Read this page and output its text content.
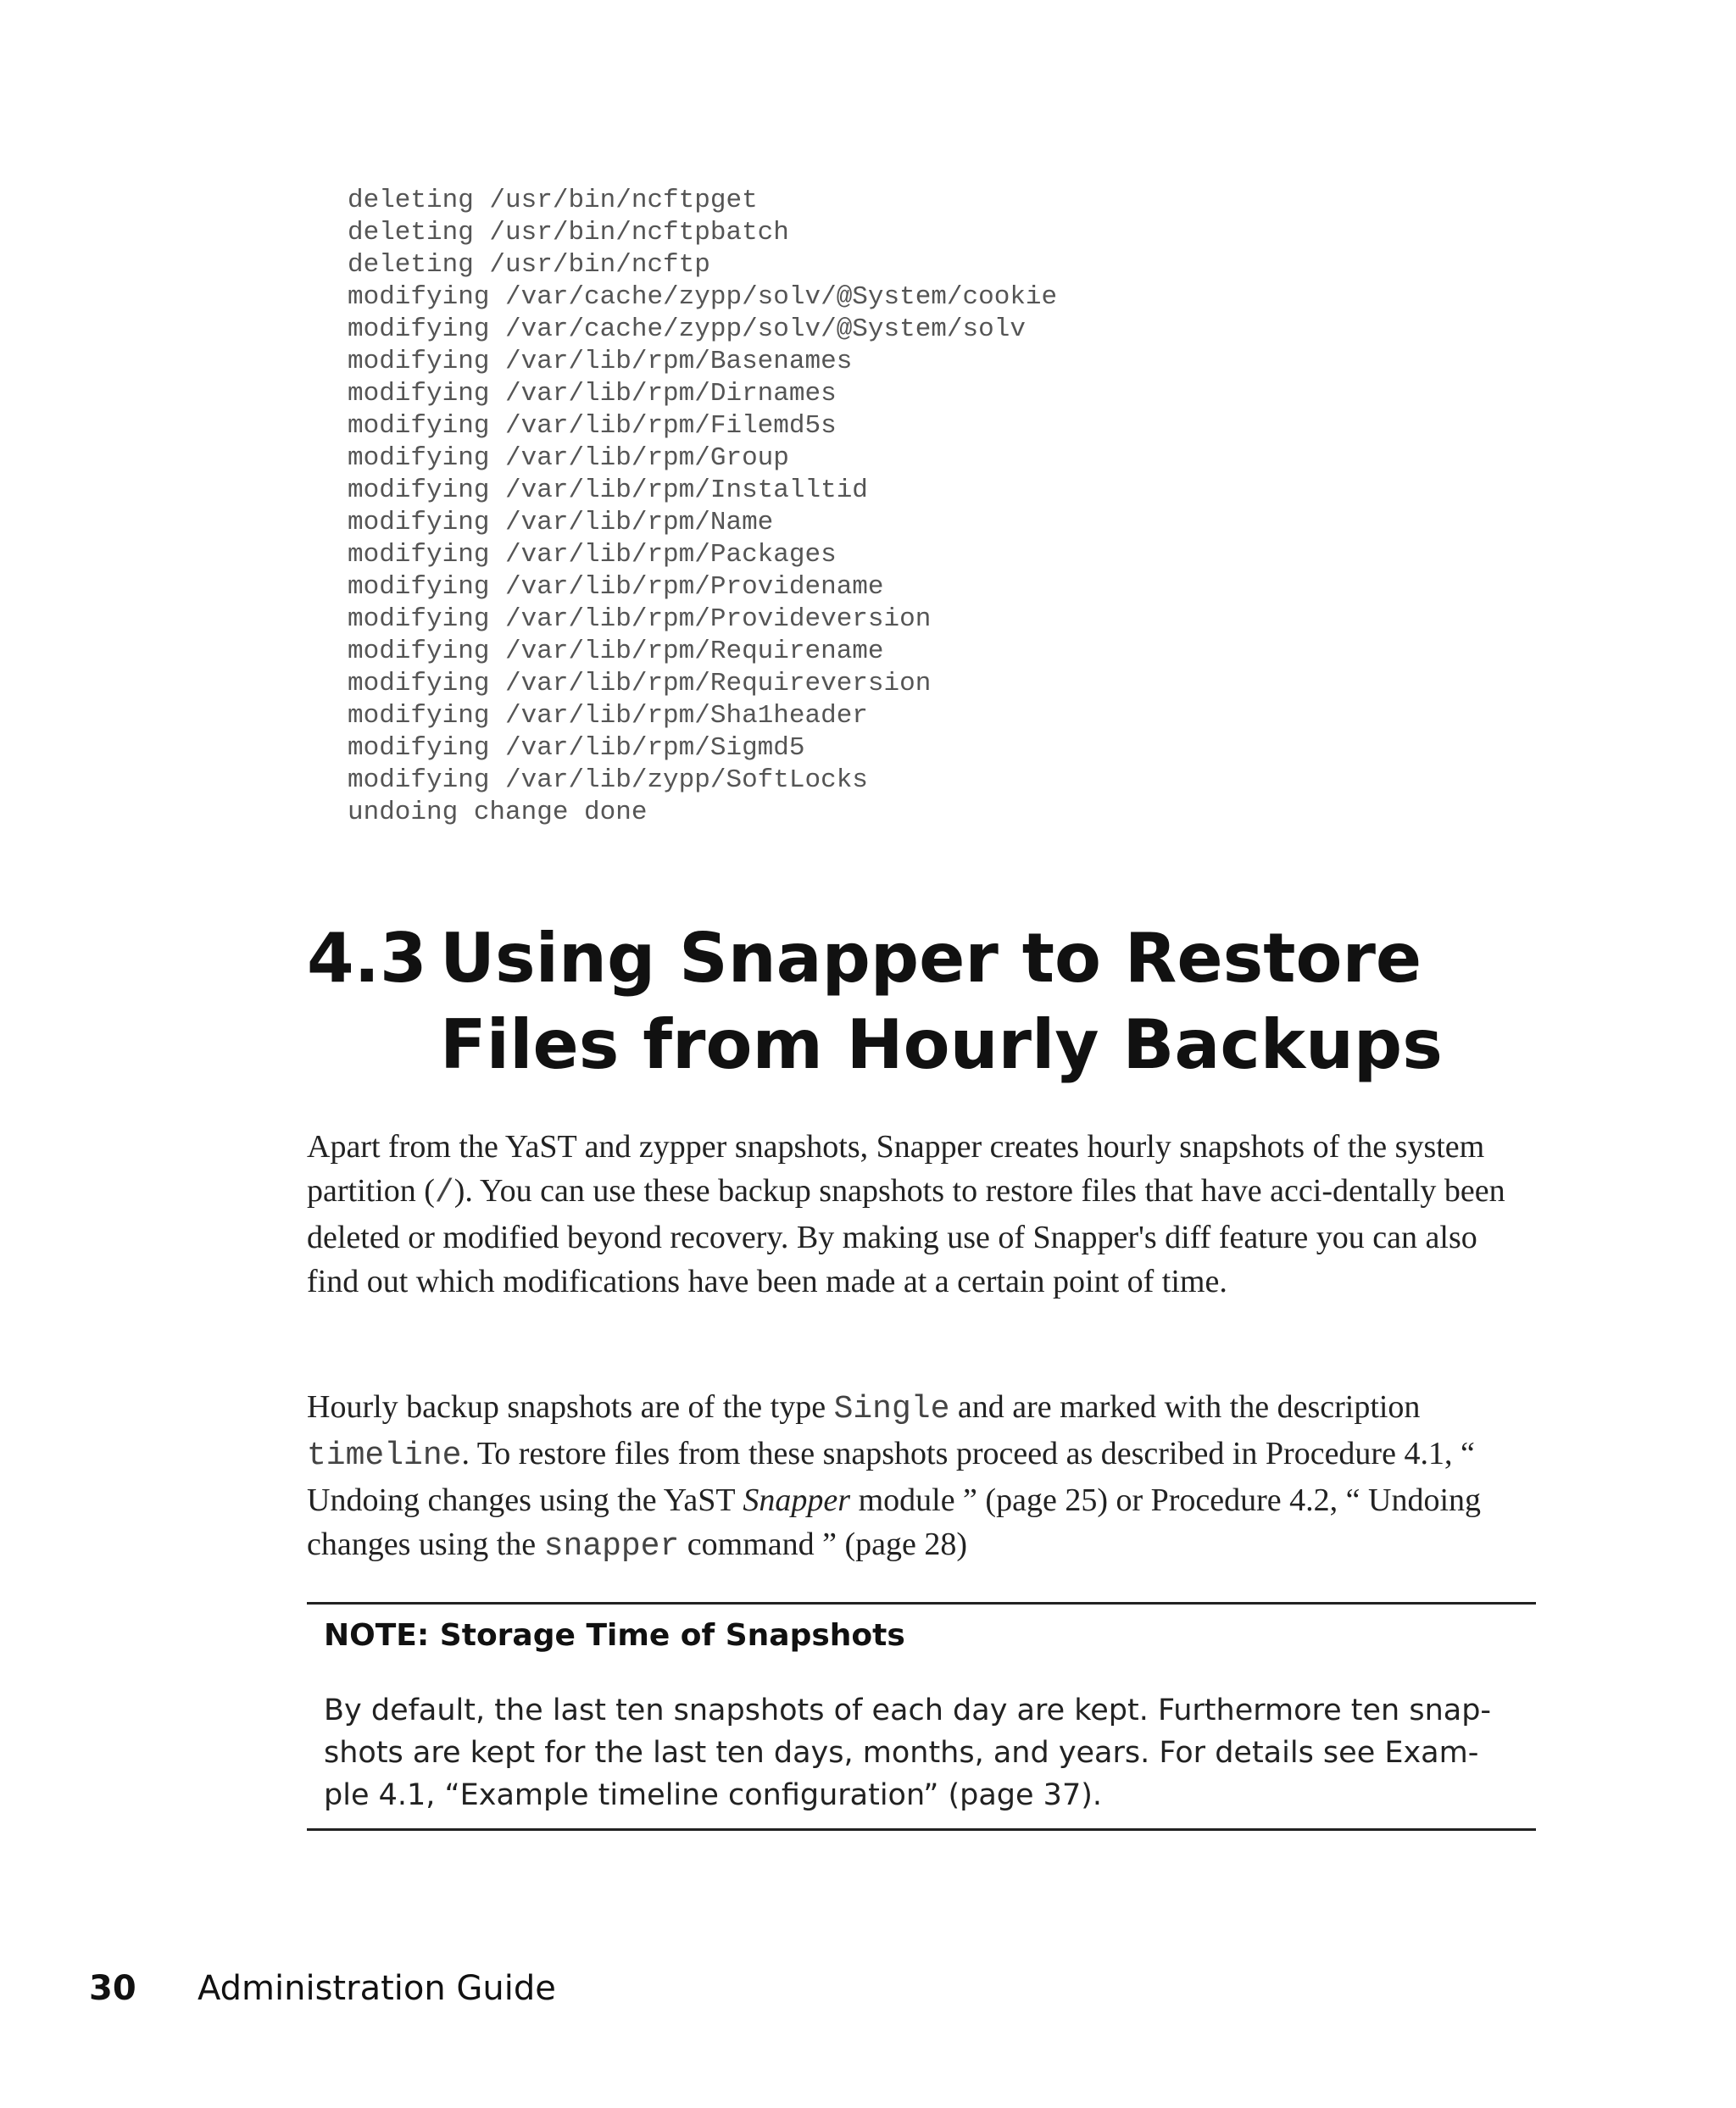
deleting /usr/bin/ncftpget
deleting /usr/bin/ncftpbatch
deleting /usr/bin/ncftp
modifying /var/cache/zypp/solv/@System/cookie
modifying /var/cache/zypp/solv/@System/solv
modifying /var/lib/rpm/Basenames
modifying /var/lib/rpm/Dirnames
modifying /var/lib/rpm/Filemd5s
modifying /var/lib/rpm/Group
modifying /var/lib/rpm/Installtid
modifying /var/lib/rpm/Name
modifying /var/lib/rpm/Packages
modifying /var/lib/rpm/Providename
modifying /var/lib/rpm/Provideversion
modifying /var/lib/rpm/Requirename
modifying /var/lib/rpm/Requireversion
modifying /var/lib/rpm/Sha1header
modifying /var/lib/rpm/Sigmd5
modifying /var/lib/zypp/SoftLocks
undoing change done
4.3 Using Snapper to Restore Files from Hourly Backups
Apart from the YaST and zypper snapshots, Snapper creates hourly snapshots of the system partition (/). You can use these backup snapshots to restore files that have acci-dentally been deleted or modified beyond recovery. By making use of Snapper's diff feature you can also find out which modifications have been made at a certain point of time.
Hourly backup snapshots are of the type Single and are marked with the description timeline. To restore files from these snapshots proceed as described in Procedure 4.1, “ Undoing changes using the YaST Snapper module ” (page 25) or Procedure 4.2, “ Undoing changes using the snapper command ” (page 28)
NOTE: Storage Time of Snapshots
By default, the last ten snapshots of each day are kept. Furthermore ten snap-shots are kept for the last ten days, months, and years. For details see Exam-ple 4.1, “Example timeline configuration” (page 37).
30	Administration Guide
